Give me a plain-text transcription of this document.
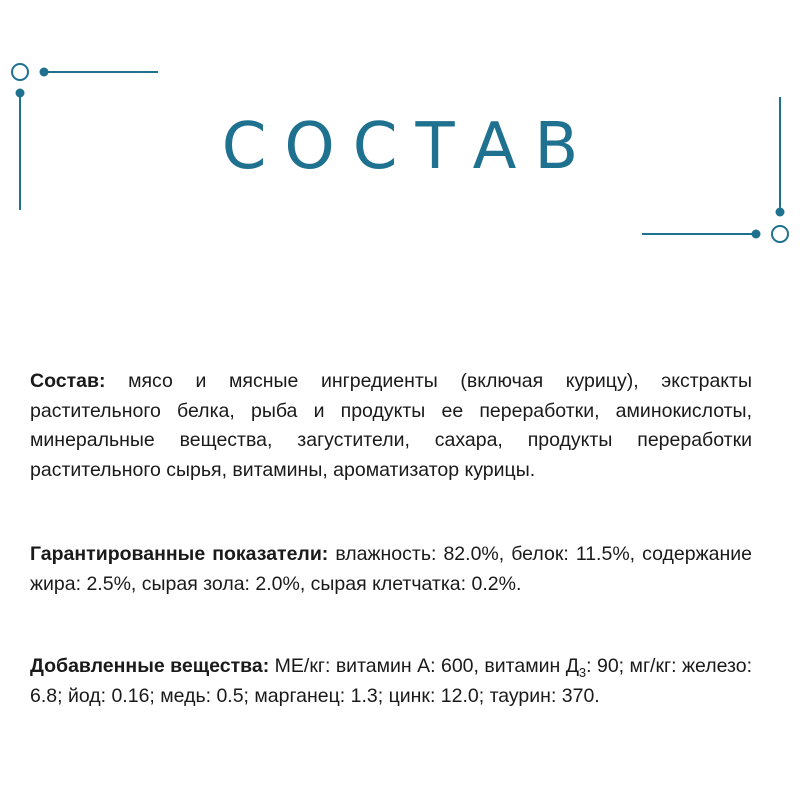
СОСТАВ

Состав: мясо и мясные ингредиенты (включая курицу), экстракты растительного белка, рыба и продукты ее переработки, аминокислоты, минеральные вещества, загустители, сахара, продукты переработки растительного сырья, витамины, ароматизатор курицы.

Гарантированные показатели: влажность: 82.0%, белок: 11.5%, содержание жира: 2.5%, сырая зола: 2.0%, сырая клетчатка: 0.2%.

Добавленные вещества: МЕ/кг: витамин А: 600, витамин $Д_3$: 90; мг/кг: железо: 6.8; йод: 0.16; медь: 0.5; марганец: 1.3; цинк: 12.0; таурин: 370.
